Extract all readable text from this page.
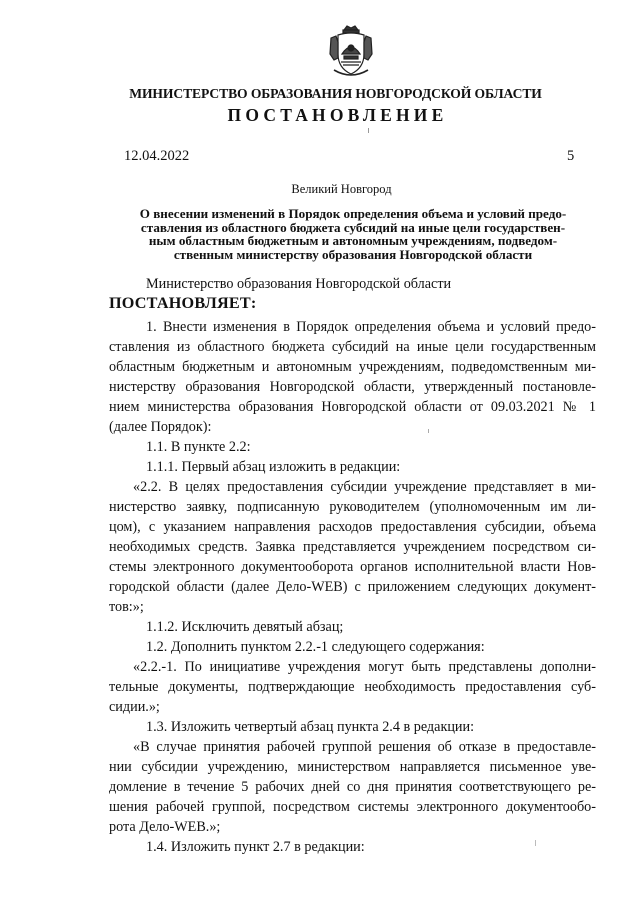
МИНИСТЕРСТВО ОБРАЗОВАНИЯ НОВГОРОДСКОЙ ОБЛАСТИ
ПОСТАНОВЛЕНИЕ
12.04.2022	5
Великий Новгород
О внесении изменений в Порядок определения объема и условий предо-
ставления из областного бюджета субсидий на иные цели государствен-
ным областным бюджетным и автономным учреждениям, подведом-
ственным министерству образования Новгородской области
Министерство образования Новгородской области
ПОСТАНОВЛЯЕТ:
1. Внести изменения в Порядок определения объема и условий предо-
ставления из областного бюджета субсидий на иные цели государственным
областным бюджетным и автономным учреждениям, подведомственным ми-
нистерству образования Новгородской области, утвержденный постановле-
нием министерства образования Новгородской области от 09.03.2021 № 1
(далее Порядок):
1.1. В пункте 2.2:
1.1.1. Первый абзац изложить в редакции:
«2.2. В целях предоставления субсидии учреждение представляет в ми-
нистерство заявку, подписанную руководителем (уполномоченным им ли-
цом), с указанием направления расходов предоставления субсидии, объема
необходимых средств. Заявка представляется учреждением посредством си-
стемы электронного документооборота органов исполнительной власти Нов-
городской области (далее Дело-WEB) с приложением следующих документ-
тов:»;
1.1.2. Исключить девятый абзац;
1.2. Дополнить пунктом 2.2.-1 следующего содержания:
«2.2.-1. По инициативе учреждения могут быть представлены дополни-
тельные документы, подтверждающие необходимость предоставления суб-
сидии.»;
1.3. Изложить четвертый абзац пункта 2.4 в редакции:
«В случае принятия рабочей группой решения об отказе в предоставле-
нии субсидии учреждению, министерством направляется письменное уве-
домление в течение 5 рабочих дней со дня принятия соответствующего ре-
шения рабочей группой, посредством системы электронного документообо-
рота Дело-WEB.»;
1.4. Изложить пункт 2.7 в редакции:
